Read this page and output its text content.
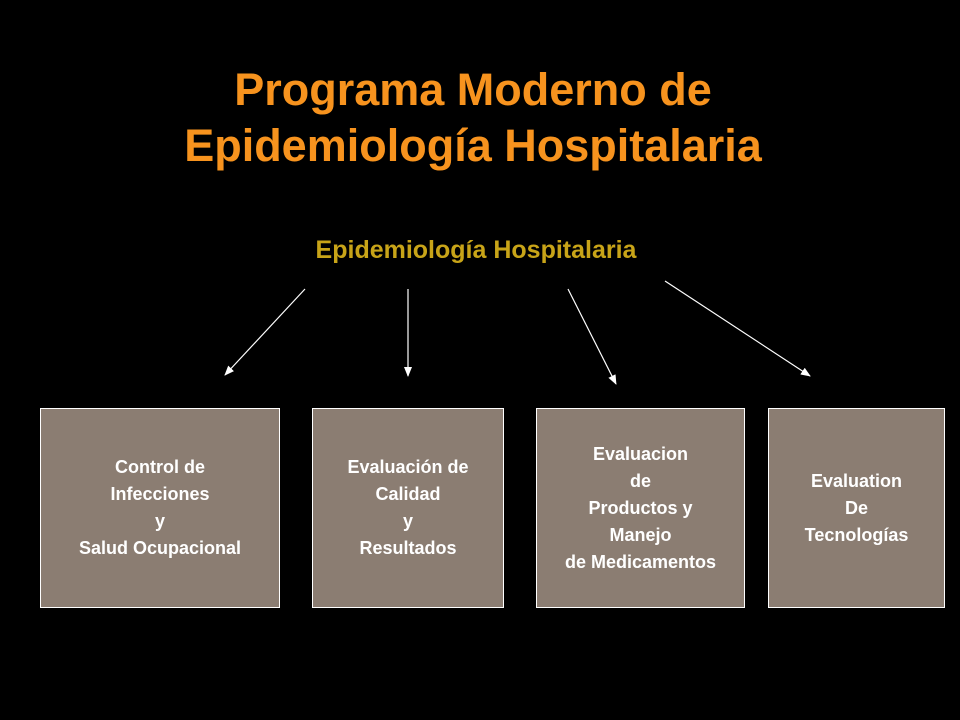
Programa Moderno de
Epidemiología Hospitalaria
Epidemiología Hospitalaria
Control de
Infecciones
y
Salud Ocupacional
Evaluación de
Calidad
y
Resultados
Evaluacion
de
Productos y
Manejo
de Medicamentos
Evaluation
De
Tecnologías
